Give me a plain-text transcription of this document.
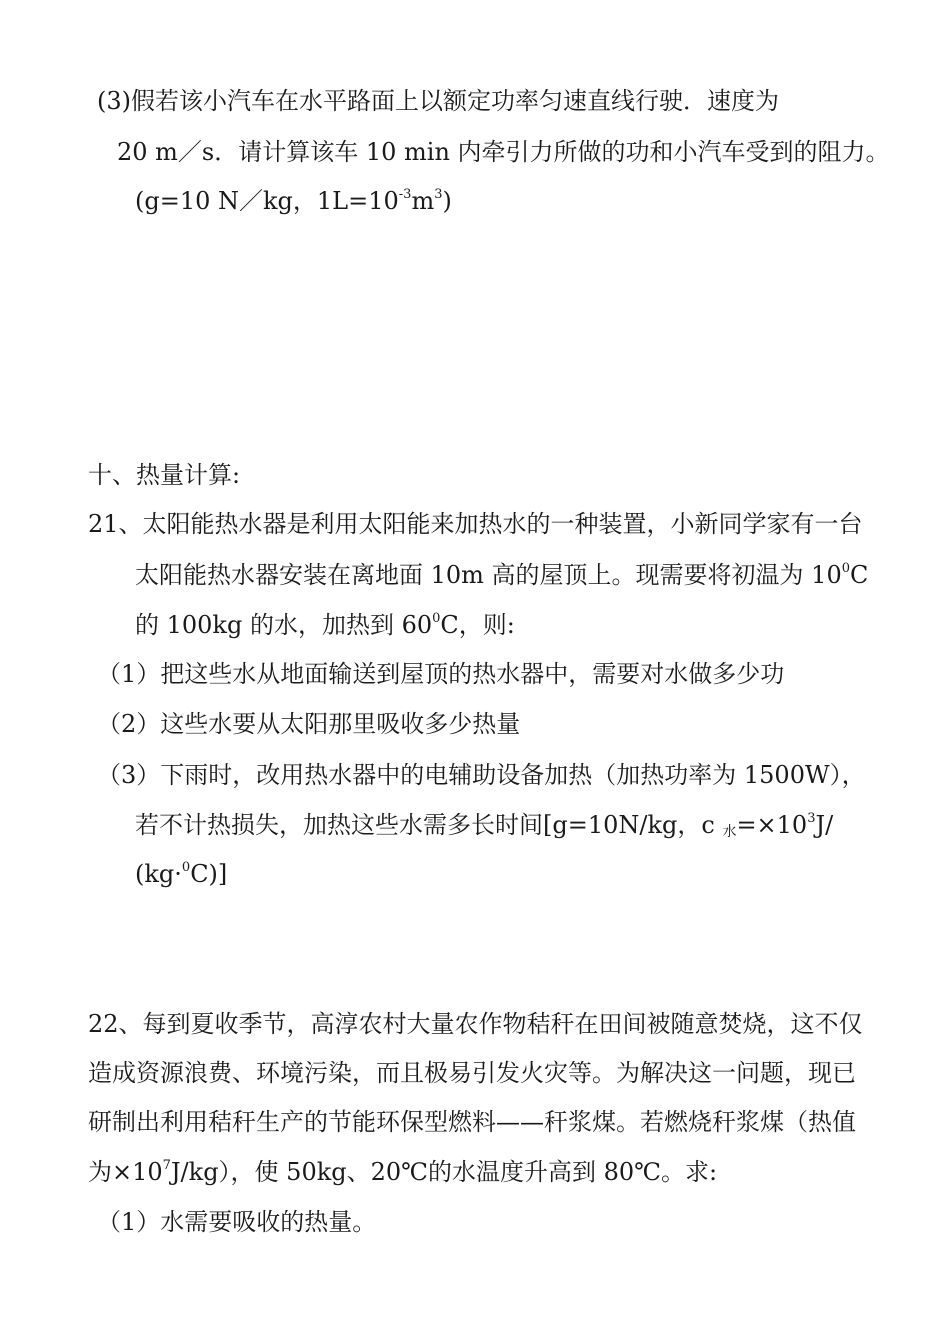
(3)假若该小汽车在水平路面上以额定功率匀速直线行驶．速度为
20 m／s．请计算该车 10 min 内牵引力所做的功和小汽车受到的阻力。
(g=10 N／kg，$1L=10^{-3}m^3$)
十、热量计算:
21、太阳能热水器是利用太阳能来加热水的一种装置，小新同学家有一台
太阳能热水器安装在离地面 10m 高的屋顶上。现需要将初温为 $10^0C$
的 100kg 的水，加热到 $60^0C$，则:
（1）把这些水从地面输送到屋顶的热水器中，需要对水做多少功
（2）这些水要从太阳那里吸收多少热量
（3）下雨时，改用热水器中的电辅助设备加热（加热功率为 1500W），
若不计热损失，加热这些水需多长时间[g=10N/kg，c $_水=\times 10^3J/$
(kg·$^0$C)]
22、每到夏收季节，高淳农村大量农作物秸秆在田间被随意焚烧，这不仅
造成资源浪费、环境污染，而且极易引发火灾等。为解决这一问题，现已
研制出利用秸秆生产的节能环保型燃料——秆浆煤。若燃烧秆浆煤（热值
为$\times 10^7J/kg$），使 50kg、20℃的水温度升高到 80℃。求:
（1）水需要吸收的热量。
